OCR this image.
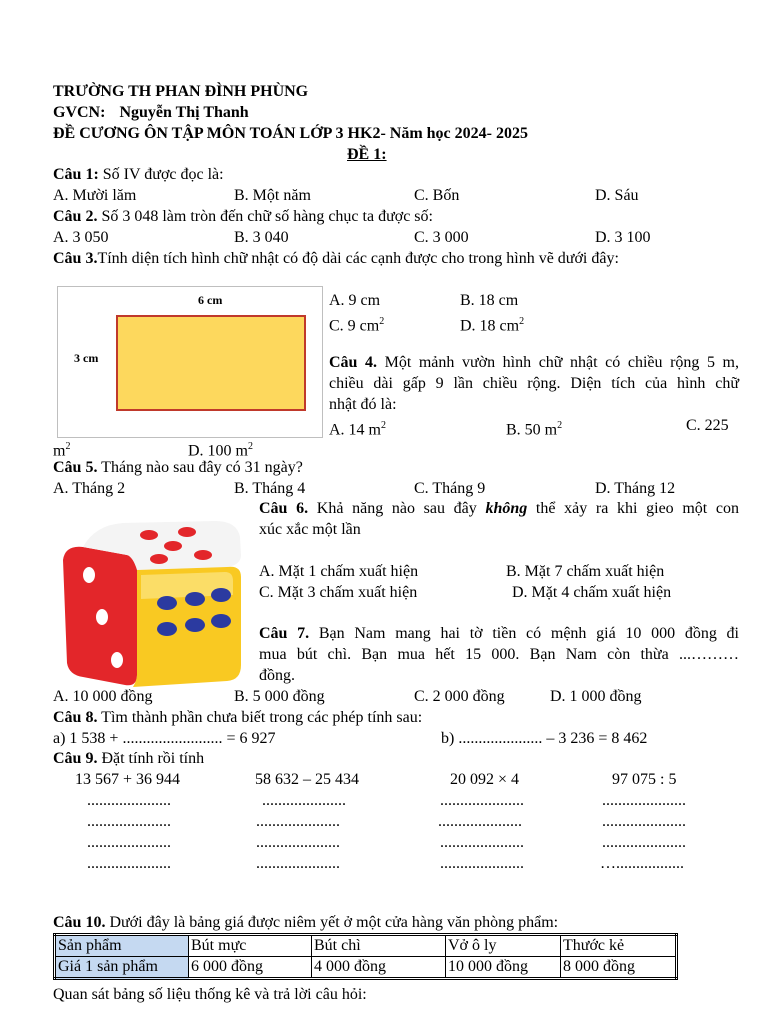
TRƯỜNG TH PHAN ĐÌNH PHÙNG
GVCN: Nguyễn Thị Thanh
ĐỀ CƯƠNG ÔN TẬP MÔN TOÁN LỚP 3 HK2- Năm học 2024- 2025
ĐỀ 1:
Câu 1: Số IV được đọc là:
A. Mười lăm	B. Một năm	C. Bốn	D. Sáu
Câu 2. Số 3 048 làm tròn đến chữ số hàng chục ta được số:
A. 3 050	B. 3 040	C. 3 000	D. 3 100
Câu 3.Tính diện tích hình chữ nhật có độ dài các cạnh được cho trong hình vẽ dưới đây:
6 cm
3 cm
A. 9 cm	B. 18 cm
C. 9 $cm^2$	D. 18 $cm^2$
Câu 4. Một mảnh vườn hình chữ nhật có chiều rộng 5 m,
chiều dài gấp 9 lần chiều rộng. Diện tích của hình chữ
nhật đó là:
A. 14 $m^2$	B. 50 $m^2$	C. 225
$m^2$	D. 100 $m^2$
Câu 5. Tháng nào sau đây có 31 ngày?
A. Tháng 2	B. Tháng 4	C. Tháng 9	D. Tháng 12
Câu 6. Khả năng nào sau đây không thể xảy ra khi gieo một con
xúc xắc một lần
A. Mặt 1 chấm xuất hiện	B. Mặt 7 chấm xuất hiện
C. Mặt 3 chấm xuất hiện	D. Mặt 4 chấm xuất hiện
Câu 7. Bạn Nam mang hai tờ tiền có mệnh giá 10 000 đồng đi
mua bút chì. Bạn mua hết 15 000. Bạn Nam còn thừa ...………
đồng.
A. 10 000 đồng	B. 5 000 đồng	C. 2 000 đồng	D. 1 000 đồng
Câu 8. Tìm thành phần chưa biết trong các phép tính sau:
a) 1 538 + ......................... = 6 927	b) ..................... – 3 236 = 8 462
Câu 9. Đặt tính rồi tính
13 567 + 36 944	58 632 – 25 434	20 092 × 4	97 075 : 5
.....................	.....................	.....................	.....................
.....................	.....................	.....................	.....................
.....................	.....................	.....................	.....................
.....................	.....................	.....................	….................
Câu 10. Dưới đây là bảng giá được niêm yết ở một cửa hàng văn phòng phẩm:
Sản phẩm	Bút mực	Bút chì	Vở ô ly	Thước kẻ
Giá 1 sản phẩm	6 000 đồng	4 000 đồng	10 000 đồng	8 000 đồng
Quan sát bảng số liệu thống kê và trả lời câu hỏi:
